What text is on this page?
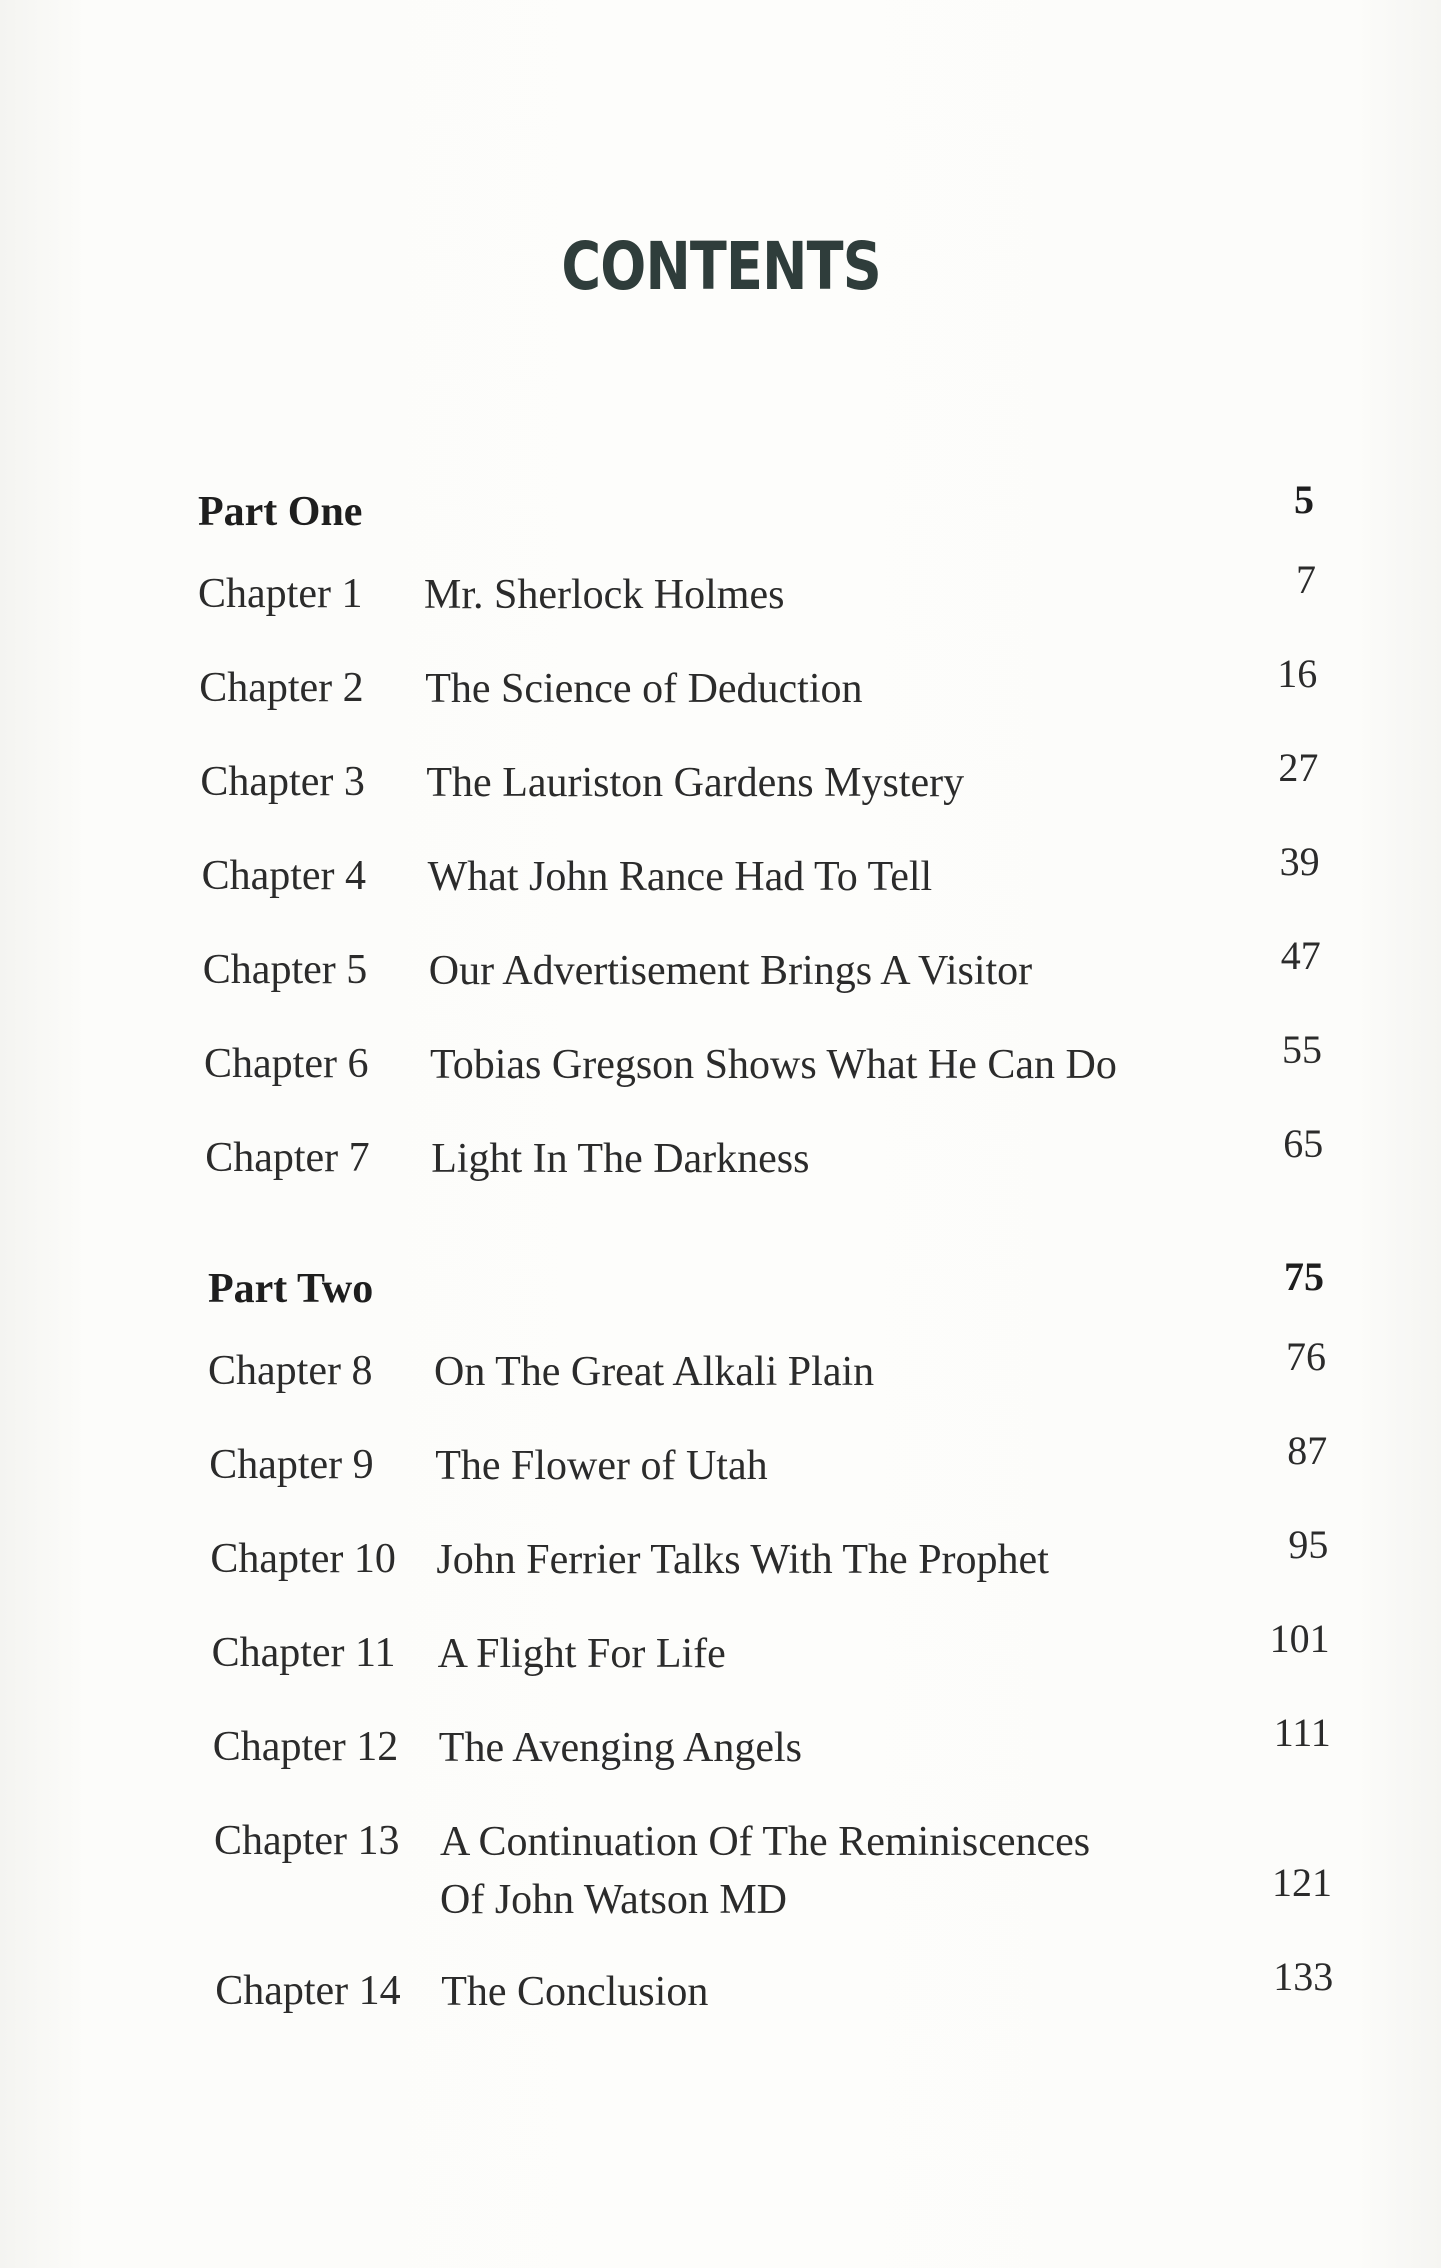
CONTENTS
Part One	5
Chapter 1 Mr. Sherlock Holmes	7
Chapter 2 The Science of Deduction	16
Chapter 3 The Lauriston Gardens Mystery	27
Chapter 4 What John Rance Had To Tell	39
Chapter 5 Our Advertisement Brings A Visitor	47
Chapter 6 Tobias Gregson Shows What He Can Do	55
Chapter 7 Light In The Darkness	65
Part Two	75
Chapter 8 On The Great Alkali Plain	76
Chapter 9 The Flower of Utah	87
Chapter 10 John Ferrier Talks With The Prophet	95
Chapter 11 A Flight For Life	101
Chapter 12 The Avenging Angels	111
Chapter 13 A Continuation Of The Reminiscences
Of John Watson MD	121
Chapter 14 The Conclusion	133
